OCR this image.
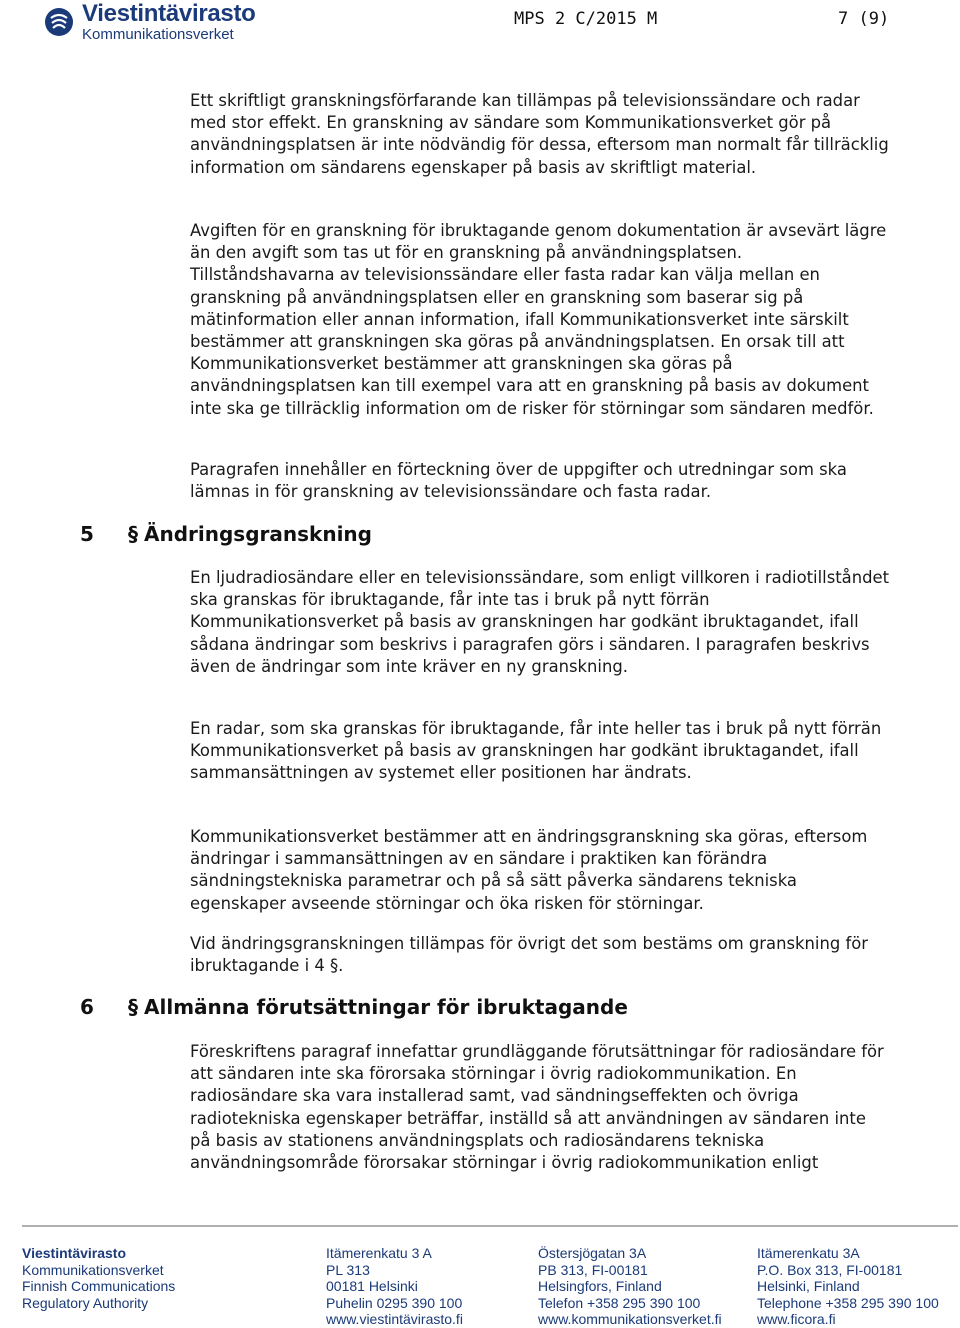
Viestintävirasto
Kommunikationsverket
MPS 2 C/2015 M	7 (9)
Ett skriftligt granskningsförfarande kan tillämpas på televisionssändare och radar med stor effekt. En granskning av sändare som Kommunikationsverket gör på användningsplatsen är inte nödvändig för dessa, eftersom man normalt får tillräcklig information om sändarens egenskaper på basis av skriftligt material.
Avgiften för en granskning för ibruktagande genom dokumentation är avsevärt lägre än den avgift som tas ut för en granskning på användningsplatsen. Tillståndshavarna av televisionssändare eller fasta radar kan välja mellan en granskning på användningsplatsen eller en granskning som baserar sig på mätinformation eller annan information, ifall Kommunikationsverket inte särskilt bestämmer att granskningen ska göras på användningsplatsen. En orsak till att Kommunikationsverket bestämmer att granskningen ska göras på användningsplatsen kan till exempel vara att en granskning på basis av dokument inte ska ge tillräcklig information om de risker för störningar som sändaren medför.
Paragrafen innehåller en förteckning över de uppgifter och utredningar som ska lämnas in för granskning av televisionssändare och fasta radar.
5	§ Ändringsgranskning
En ljudradiosändare eller en televisionssändare, som enligt villkoren i radiotillståndet ska granskas för ibruktagande, får inte tas i bruk på nytt förrän Kommunikationsverket på basis av granskningen har godkänt ibruktagandet, ifall sådana ändringar som beskrivs i paragrafen görs i sändaren. I paragrafen beskrivs även de ändringar som inte kräver en ny granskning.
En radar, som ska granskas för ibruktagande, får inte heller tas i bruk på nytt förrän Kommunikationsverket på basis av granskningen har godkänt ibruktagandet, ifall sammansättningen av systemet eller positionen har ändrats.
Kommunikationsverket bestämmer att en ändringsgranskning ska göras, eftersom ändringar i sammansättningen av en sändare i praktiken kan förändra sändningstekniska parametrar och på så sätt påverka sändarens tekniska egenskaper avseende störningar och öka risken för störningar.
Vid ändringsgranskningen tillämpas för övrigt det som bestäms om granskning för ibruktagande i 4 §.
6	§ Allmänna förutsättningar för ibruktagande
Föreskriftens paragraf innefattar grundläggande förutsättningar för radiosändare för att sändaren inte ska förorsaka störningar i övrig radiokommunikation. En radiosändare ska vara installerad samt, vad sändningseffekten och övriga radiotekniska egenskaper beträffar, inställd så att användningen av sändaren inte på basis av stationens användningsplats och radiosändarens tekniska användningsområde förorsakar störningar i övrig radiokommunikation enligt
Viestintävirasto
Kommunikationsverket
Finnish Communications
Regulatory Authority
Itämerenkatu 3 A
PL 313
00181 Helsinki
Puhelin 0295 390 100
www.viestintävirasto.fi
Östersjögatan 3A
PB 313, FI-00181
Helsingfors, Finland
Telefon +358 295 390 100
www.kommunikationsverket.fi
Itämerenkatu 3A
P.O. Box 313, FI-00181
Helsinki, Finland
Telephone +358 295 390 100
www.ficora.fi
